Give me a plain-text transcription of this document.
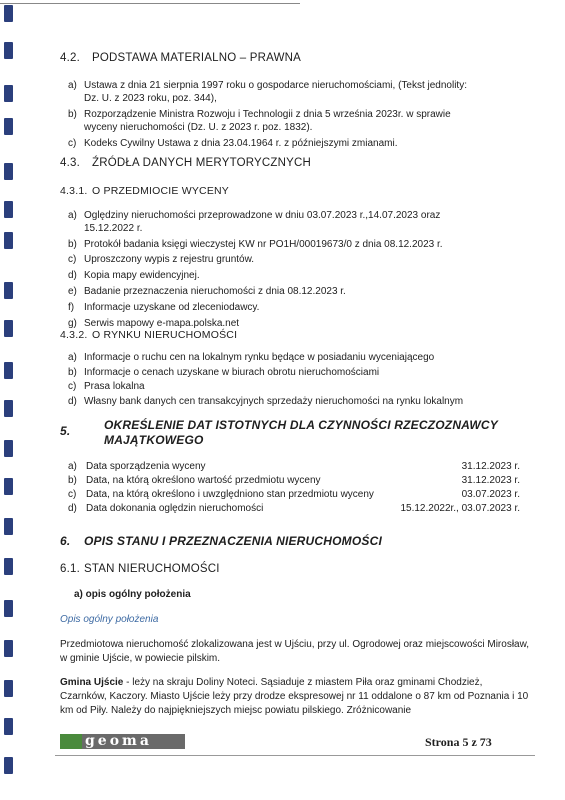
4.2. PODSTAWA MATERIALNO – PRAWNA
a) Ustawa z dnia 21 sierpnia 1997 roku o gospodarce nieruchomościami, (Tekst jednolity:
Dz. U. z 2023 roku, poz. 344),
b) Rozporządzenie Ministra Rozwoju i Technologii z dnia 5 września 2023r. w sprawie
wyceny nieruchomości (Dz. U. z 2023 r. poz. 1832).
c) Kodeks Cywilny Ustawa z dnia 23.04.1964 r. z późniejszymi zmianami.
4.3. ŹRÓDŁA DANYCH MERYTORYCZNYCH
4.3.1. O PRZEDMIOCIE WYCENY
a) Oględziny nieruchomości przeprowadzone w dniu 03.07.2023 r.,14.07.2023 oraz
15.12.2022 r.
b) Protokół badania księgi wieczystej KW nr PO1H/00019673/0 z dnia 08.12.2023 r.
c) Uproszczony wypis z rejestru gruntów.
d) Kopia mapy ewidencyjnej.
e) Badanie przeznaczenia nieruchomości z dnia 08.12.2023 r.
f) Informacje uzyskane od zleceniodawcy.
g) Serwis mapowy e-mapa.polska.net
4.3.2. O RYNKU NIERUCHOMOŚCI
a) Informacje o ruchu cen na lokalnym rynku będące w posiadaniu wyceniającego
b) Informacje o cenach uzyskane w biurach obrotu nieruchomościami
c) Prasa lokalna
d) Własny bank danych cen transakcyjnych sprzedaży nieruchomości na rynku lokalnym
5.	OKREŚLENIE DAT ISTOTNYCH DLA CZYNNOŚCI RZECZOZNAWCY
MAJĄTKOWEGO
a) Data sporządzenia wyceny	31.12.2023 r.
b) Data, na którą określono wartość przedmiotu wyceny	31.12.2023 r.
c) Data, na którą określono i uwzględniono stan przedmiotu wyceny	03.07.2023 r.
d) Data dokonania oględzin nieruchomości	15.12.2022r., 03.07.2023 r.
6. OPIS STANU I PRZEZNACZENIA NIERUCHOMOŚCI
6.1. STAN NIERUCHOMOŚCI
a) opis ogólny położenia
Opis ogólny położenia
Przedmiotowa nieruchomość zlokalizowana jest w Ujściu, przy ul. Ogrodowej oraz miejscowości Mirosław, w gminie Ujście, w powiecie pilskim.
Gmina Ujście - leży na skraju Doliny Noteci. Sąsiaduje z miastem Piła oraz gminami Chodzież, Czarnków, Kaczory. Miasto Ujście leży przy drodze ekspresowej nr 11 oddalone o 87 km od Poznania i 10 km od Piły. Należy do najpiękniejszych miejsc powiatu pilskiego. Zróżnicowanie
geoma	Strona 5 z 73
